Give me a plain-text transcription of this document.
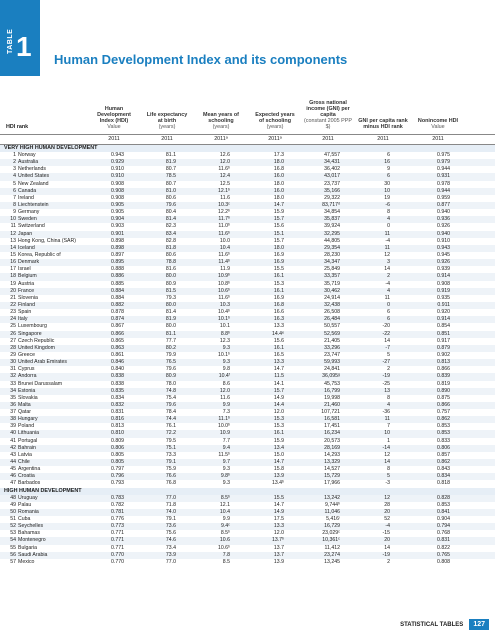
TABLE 1 Human Development Index and its components
Human Development Index (HDI)
Value
Life expectancy at birth
(years)
Mean years of schooling
(years)
Expected years of schooling
(years)
Gross national income (GNI) per capita
(constant 2005 PPP $)
GNI per capita rank minus HDI rank
Nonincome HDI
Value
HDI rank
2011	2011	2011ᵃ	2011ᵃ	2011	2011	2011
VERY HIGH HUMAN DEVELOPMENT
1 Norway	0.943	81.1	12.6	17.3	47,557	6	0.975
2 Australia	0.929	81.9	12.0	18.0	34,431	16	0.979
3 Netherlands	0.910	80.7	11.6ᵇ	16.8	36,402	9	0.944
4 United States	0.910	78.5	12.4	16.0	43,017	6	0.931
5 New Zealand	0.908	80.7	12.5	18.0	23,737	30	0.978
6 Canada	0.908	81.0	12.1ᵇ	16.0	35,166	10	0.944
7 Ireland	0.908	80.6	11.6	18.0	29,322	19	0.959
8 Liechtenstein	0.905	79.6	10.3ᶜ	14.7	83,717ᵈ	-6	0.877
9 Germany	0.905	80.4	12.2ᵇ	15.9	34,854	8	0.940
10 Sweden	0.904	81.4	11.7ᵇ	15.7	35,837	4	0.936
11 Switzerland	0.903	82.3	11.0ᵇ	15.6	39,924	0	0.926
12 Japan	0.901	83.4	11.6ᵇ	15.1	32,295	11	0.940
13 Hong Kong, China (SAR)	0.898	82.8	10.0	15.7	44,805	-4	0.910
14 Iceland	0.898	81.8	10.4	18.0	29,354	11	0.943
15 Korea, Republic of	0.897	80.6	11.6ᵇ	16.9	28,230	12	0.945
16 Denmark	0.895	78.8	11.4ᵇ	16.9	34,347	3	0.926
17 Israel	0.888	81.6	11.9	15.5	25,849	14	0.939
18 Belgium	0.886	80.0	10.9ᵇ	16.1	33,357	2	0.914
19 Austria	0.885	80.9	10.8ᵇ	15.3	35,719	-4	0.908
20 France	0.884	81.5	10.6ᵇ	16.1	30,462	4	0.919
21 Slovenia	0.884	79.3	11.6ᵇ	16.9	24,914	11	0.935
22 Finland	0.882	80.0	10.3	16.8	32,438	0	0.911
23 Spain	0.878	81.4	10.4ᵇ	16.6	26,508	6	0.920
24 Italy	0.874	81.9	10.1ᵇ	16.3	26,484	6	0.914
25 Luxembourg	0.867	80.0	10.1	13.3	50,557	-20	0.854
26 Singapore	0.866	81.1	8.8ᵇ	14.4ᵉ	52,569	-22	0.851
27 Czech Republic	0.865	77.7	12.3	15.6	21,405	14	0.917
28 United Kingdom	0.863	80.2	9.3	16.1	33,296	-7	0.879
29 Greece	0.861	79.9	10.1ᵇ	16.5	23,747	5	0.902
30 United Arab Emirates	0.846	76.5	9.3	13.3	59,993	-27	0.813
31 Cyprus	0.840	79.6	9.8	14.7	24,841	2	0.866
32 Andorra	0.838	80.9	10.4ᶠ	11.5	36,095ᵍ	-19	0.839
33 Brunei Darussalam	0.838	78.0	8.6	14.1	45,753	-25	0.819
34 Estonia	0.835	74.8	12.0	15.7	16,799	13	0.890
35 Slovakia	0.834	75.4	11.6	14.9	19,998	8	0.875
36 Malta	0.832	79.6	9.9	14.4	21,460	4	0.866
37 Qatar	0.831	78.4	7.3	12.0	107,721	-36	0.757
38 Hungary	0.816	74.4	11.1ᵇ	15.3	16,581	11	0.862
39 Poland	0.813	76.1	10.0ᵇ	15.3	17,451	7	0.853
40 Lithuania	0.810	72.2	10.9	16.1	16,234	10	0.853
41 Portugal	0.809	79.5	7.7	15.9	20,573	1	0.833
42 Bahrain	0.806	75.1	9.4	13.4	28,169	-14	0.806
43 Latvia	0.805	73.3	11.5ᵇ	15.0	14,293	12	0.857
44 Chile	0.805	79.1	9.7	14.7	13,329	14	0.862
45 Argentina	0.797	75.9	9.3	15.8	14,527	8	0.843
46 Croatia	0.796	76.6	9.8ᵇ	13.9	15,729	5	0.834
47 Barbados	0.793	76.8	9.3	13.4ᵇ	17,966	-3	0.818
HIGH HUMAN DEVELOPMENT
48 Uruguay	0.783	77.0	8.5ᵇ	15.5	13,242	12	0.828
49 Palau	0.782	71.8	12.1	14.7	9,744ʰ	28	0.853
50 Romania	0.781	74.0	10.4	14.9	11,046	20	0.841
51 Cuba	0.776	79.1	9.9	17.5	5,416ⁱ	52	0.904
52 Seychelles	0.773	73.6	9.4ᶜ	13.3	16,729	-4	0.794
53 Bahamas	0.771	75.6	8.5ᵇ	12.0	23,029ᶜ	-15	0.768
54 Montenegro	0.771	74.6	10.6	13.7ᵇ	10,361ᶜ	20	0.831
55 Bulgaria	0.771	73.4	10.6ᵇ	13.7	11,412	14	0.822
56 Saudi Arabia	0.770	73.9	7.8	13.7	23,274	-19	0.765
57 Mexico	0.770	77.0	8.5	13.9	13,245	2	0.808
STATISTICAL TABLES	127
